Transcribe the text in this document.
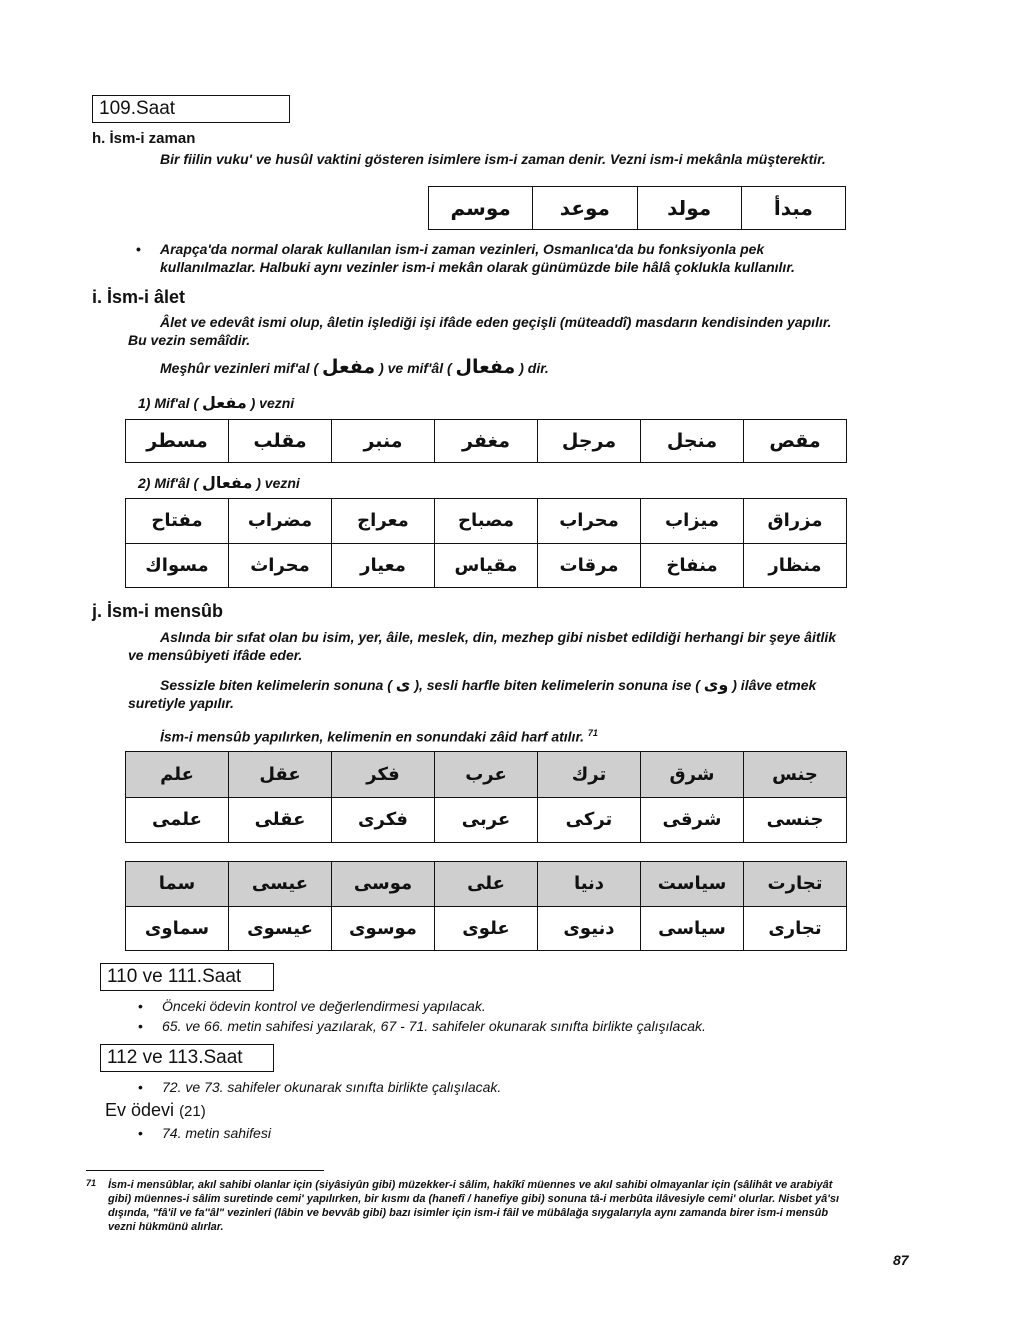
109.Saat
h. İsm-i zaman
Bir fiilin vuku' ve husûl vaktini gösteren isimlere ism-i zaman denir. Vezni ism-i mekânla müşterektir.
موسم	موعد	مولد	مبدأ
• Arapça'da normal olarak kullanılan ism-i zaman vezinleri, Osmanlıca'da bu fonksiyonla pek kullanılmazlar. Halbuki aynı vezinler ism-i mekân olarak günümüzde bile hâlâ çoklukla kullanılır.
i. İsm-i âlet
Âlet ve edevât ismi olup, âletin işlediği işi ifâde eden geçişli (müteaddî) masdarın kendisinden yapılır. Bu vezin semâîdir.
Meşhûr vezinleri mif'al ( مفعل ) ve mif'âl ( مفعال ) dir.
1) Mif'al ( مفعل ) vezni
مسطر	مقلب	منبر	مغفر	مرجل	منجل	مقص
2) Mif'âl ( مفعال ) vezni
مفتاح	مضراب	معراج	مصباح	محراب	میزاب	مزراق
مسواك	محراث	معیار	مقیاس	مرقات	منفاخ	منظار
j. İsm-i mensûb
Aslında bir sıfat olan bu isim, yer, âile, meslek, din, mezhep gibi nisbet edildiği herhangi bir şeye âitlik ve mensûbiyeti ifâde eder.
Sessizle biten kelimelerin sonuna ( ى ), sesli harfle biten kelimelerin sonuna ise ( وى ) ilâve etmek suretiyle yapılır.
İsm-i mensûb yapılırken, kelimenin en sonundaki zâid harf atılır. $^{71}$
علم	عقل	فكر	عرب	ترك	شرق	جنس
علمى	عقلى	فكرى	عربى	تركى	شرقى	جنسى
سما	عیسى	موسى	على	دنیا	سیاست	تجارت
سماوى	عیسوى	موسوى	علوى	دنیوى	سیاسى	تجارى
110 ve 111.Saat
• Önceki ödevin kontrol ve değerlendirmesi yapılacak.
• 65. ve 66. metin sahifesi yazılarak, 67 - 71. sahifeler okunarak sınıfta birlikte çalışılacak.
112 ve 113.Saat
• 72. ve 73. sahifeler okunarak sınıfta birlikte çalışılacak.
Ev ödevi (21)
• 74. metin sahifesi
71 İsm-i mensûblar, akıl sahibi olanlar için (siyâsiyûn gibi) müzekker-i sâlim, hakîkî müennes ve akıl sahibi olmayanlar için (sâlihât ve arabiyât gibi) müennes-i sâlim suretinde cemi' yapılırken, bir kısmı da (hanefî / hanefiye gibi) sonuna tâ-i merbûta ilâvesiyle cemi' olurlar. Nisbet yâ'sı dışında, "fâ'il ve fa''âl" vezinleri (lâbin ve bevvâb gibi) bazı isimler için ism-i fâil ve mübâlağa sıygalarıyla aynı zamanda birer ism-i mensûb vezni hükmünü alırlar.
87
